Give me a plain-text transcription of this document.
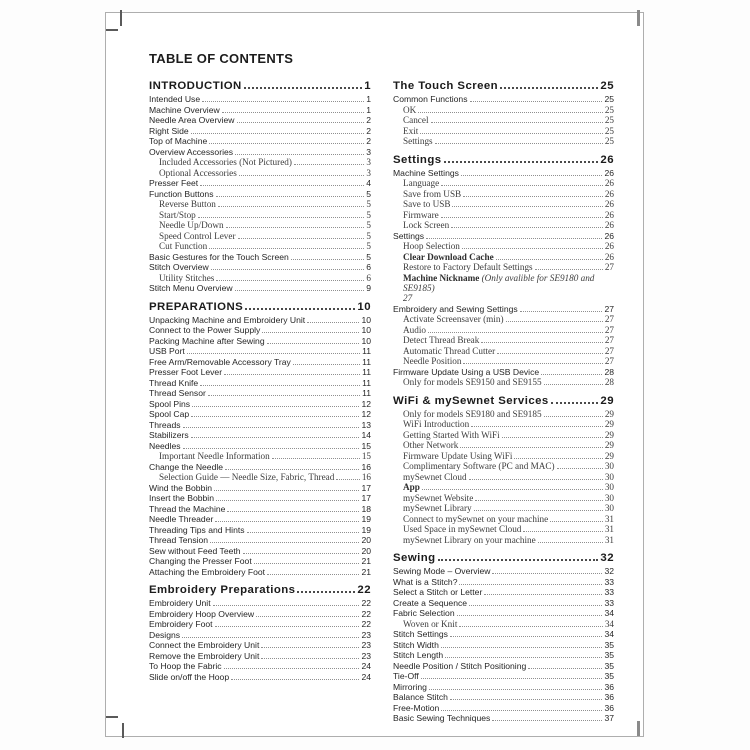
TABLE OF CONTENTS
INTRODUCTION	1
Intended Use	1
Machine Overview	1
Needle Area Overview	2
Right Side	2
Top of Machine	2
Overview Accessories	3
Included Accessories (Not Pictured)	3
Optional Accessories	3
Presser Feet	4
Function Buttons	5
Reverse Button	5
Start/Stop	5
Needle Up/Down	5
Speed Control Lever	5
Cut Function	5
Basic Gestures for the Touch Screen	5
Stitch Overview	6
Utility Stitches	6
Stitch Menu Overview	9
PREPARATIONS	10
Unpacking Machine and Embroidery Unit	10
Connect to the Power Supply	10
Packing Machine after Sewing	10
USB Port	11
Free Arm/Removable Accessory Tray	11
Presser Foot Lever	11
Thread Knife	11
Thread Sensor	11
Spool Pins	12
Spool Cap	12
Threads	13
Stabilizers	14
Needles	15
Important Needle Information	15
Change the Needle	16
Selection Guide — Needle Size, Fabric, Thread	16
Wind the Bobbin	17
Insert the Bobbin	17
Thread the Machine	18
Needle Threader	19
Threading Tips and Hints	19
Thread Tension	20
Sew without Feed Teeth	20
Changing the Presser Foot	21
Attaching the Embroidery Foot	21
Embroidery Preparations	22
Embroidery Unit	22
Embroidery Hoop Overview	22
Embroidery Foot	22
Designs	23
Connect the Embroidery Unit	23
Remove the Embroidery Unit	23
To Hoop the Fabric	24
Slide on/off the Hoop	24
The Touch Screen	25
Common Functions	25
OK	25
Cancel	25
Exit	25
Settings	25
Settings	26
Machine Settings	26
Language	26
Save from USB	26
Save to USB	26
Firmware	26
Lock Screen	26
Settings	26
Hoop Selection	26
Clear Download Cache	26
Restore to Factory Default Settings	27
Machine Nickname (Only avalible for SE9180 and SE9185)
27
Embroidery and Sewing Settings	27
Activate Screensaver (min)	27
Audio	27
Detect Thread Break	27
Automatic Thread Cutter	27
Needle Position	27
Firmware Update Using a USB Device	28
Only for models SE9150 and SE9155	28
WiFi & mySewnet Services	29
Only for models SE9180 and SE9185	29
WiFi Introduction	29
Getting Started With WiFi	29
Other Network	29
Firmware Update Using WiFi	29
Complimentary Software (PC and MAC)	30
mySewnet Cloud	30
App	30
mySewnet Website	30
mySewnet Library	30
Connect to mySewnet on your machine	31
Used Space in mySewnet Cloud	31
mySewnet Library on your machine	31
Sewing	32
Sewing Mode – Overview	32
What is a Stitch?	33
Select a Stitch or Letter	33
Create a Sequence	33
Fabric Selection	34
Woven or Knit	34
Stitch Settings	34
Stitch Width	35
Stitch Length	35
Needle Position / Stitch Positioning	35
Tie-Off	35
Mirroring	36
Balance Stitch	36
Free-Motion	36
Basic Sewing Techniques	37
